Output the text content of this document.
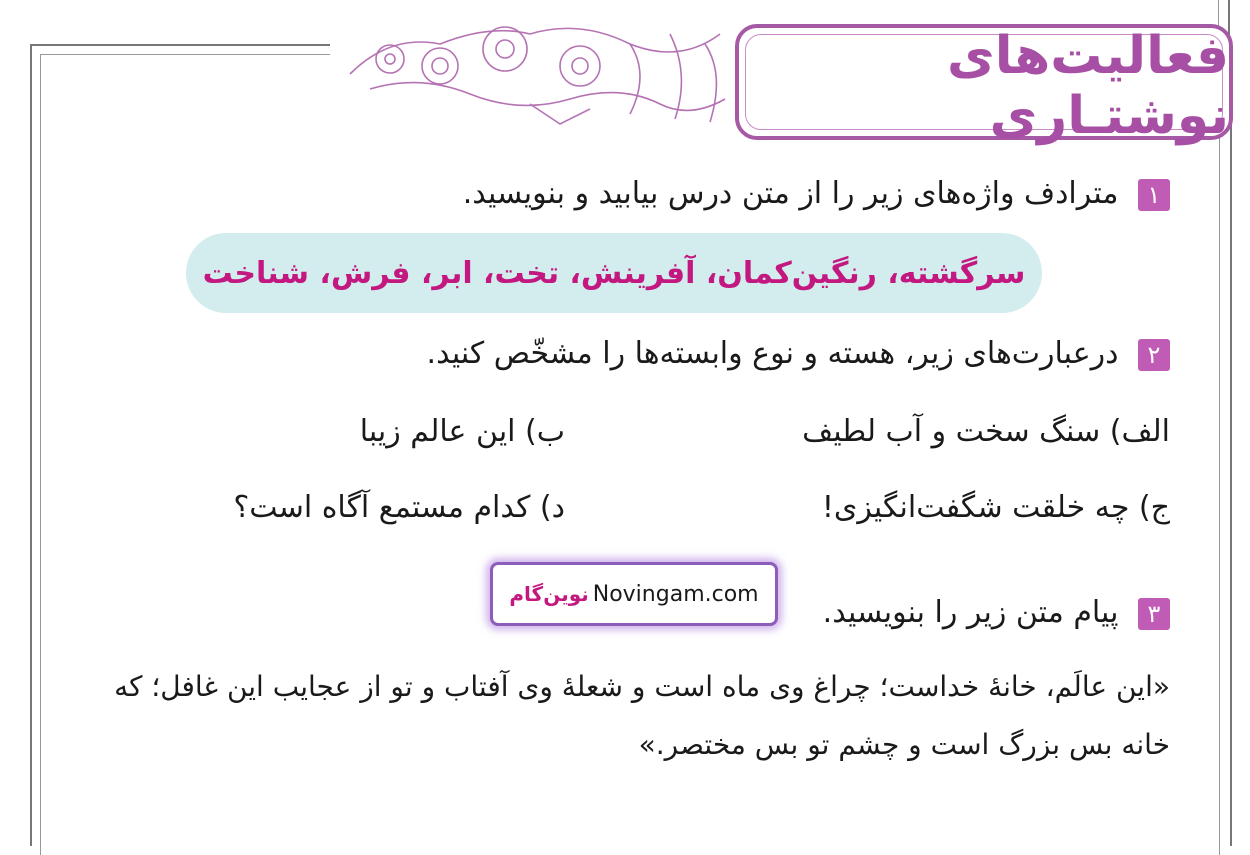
فعالیت‌های نوشتـاری
۱ مترادف واژه‌های زیر را از متن درس بیابید و بنویسید.
سرگشته، رنگین‌کمان، آفرینش، تخت، ابر، فرش، شناخت
۲ درعبارت‌های زیر، هسته و نوع وابسته‌ها را مشخّص کنید.
الف) سنگ سخت و آب لطیف
ب) این عالم زیبا
ج) چه خلقت شگفت‌انگیزی!
د) کدام مستمع آگاه است؟
نوین‌گام Novingam.com
۳ پیام متن زیر را بنویسید.
«این عالَم، خانۀ خداست؛ چراغ وی ماه است و شعلۀ وی آفتاب و تو از عجایب این غافل؛ که
خانه بس بزرگ است و چشم تو بس مختصر.»
